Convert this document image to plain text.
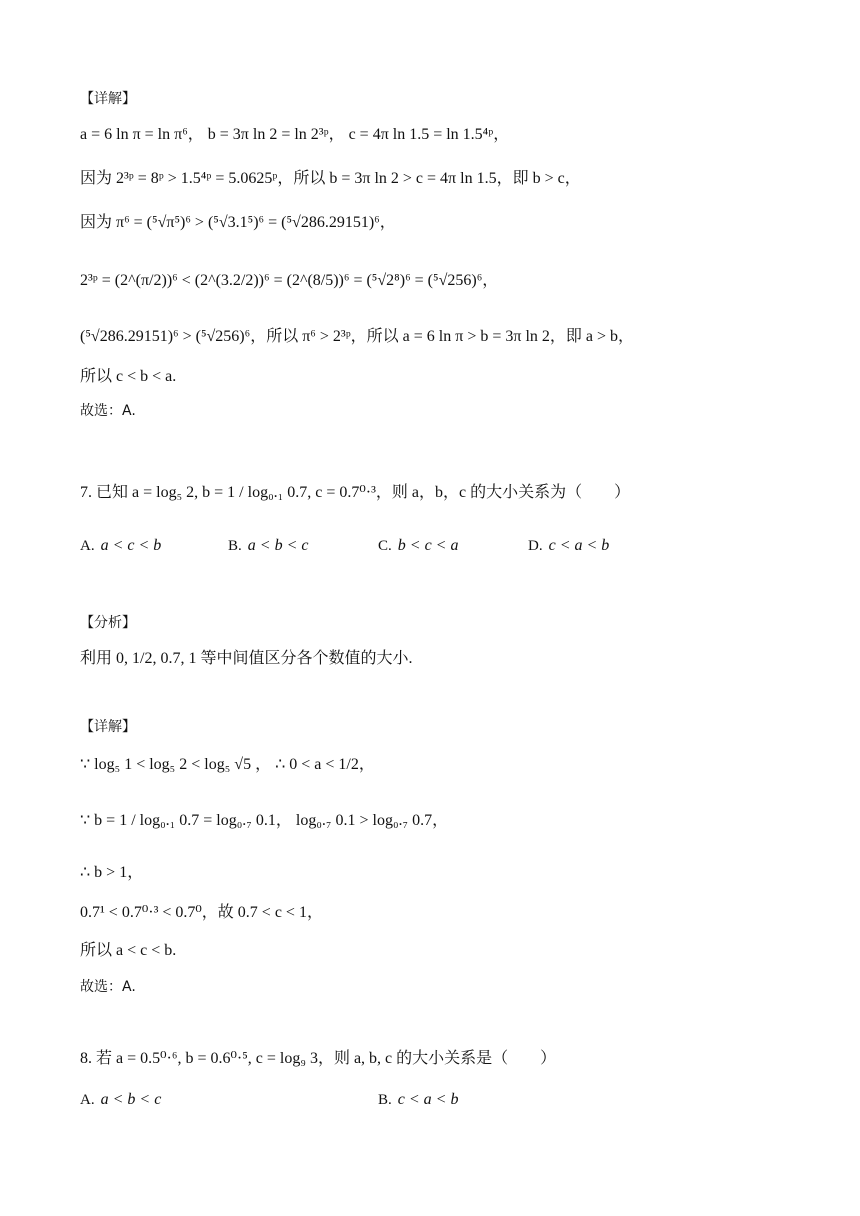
【详解】
a = 6 ln π = ln π⁶， b = 3π ln 2 = ln 2³ᵖ， c = 4π ln 1.5 = ln 1.5⁴ᵖ，
因为 2³ᵖ = 8ᵖ > 1.5⁴ᵖ = 5.0625ᵖ，所以 b = 3π ln 2 > c = 4π ln 1.5，即 b > c，
因为 π⁶ = (⁵√π⁵)⁶ > (⁵√3.1⁵)⁶ = (⁵√286.29151)⁶，
2³ᵖ = (2^(π/2))⁶ < (2^(3.2/2))⁶ = (2^(8/5))⁶ = (⁵√2⁸)⁶ = (⁵√256)⁶，
(⁵√286.29151)⁶ > (⁵√256)⁶，所以 π⁶ > 2³ᵖ，所以 a = 6 ln π > b = 3π ln 2，即 a > b，
所以 c < b < a.
故选：A.
7. 已知 a = log₅ 2, b = 1 / log₀.₁ 0.7, c = 0.7⁰·³，则 a，b，c 的大小关系为（　　）
【分析】
利用 0, 1/2, 0.7, 1 等中间值区分各个数值的大小.
【详解】
∵ log₅ 1 < log₅ 2 < log₅ √5 ， ∴ 0 < a < 1/2，
∵ b = 1 / log₀.₁ 0.7 = log₀.₇ 0.1， log₀.₇ 0.1 > log₀.₇ 0.7，
∴ b > 1，
0.7¹ < 0.7⁰·³ < 0.7⁰，故 0.7 < c < 1，
所以 a < c < b.
故选：A.
8. 若 a = 0.5⁰·⁶, b = 0.6⁰·⁵, c = log₉ 3，则 a, b, c 的大小关系是（　　）
A. a < c < b	B. a < b < c	C. b < c < a	D. c < a < b
A. a < b < c	B. c < a < b
